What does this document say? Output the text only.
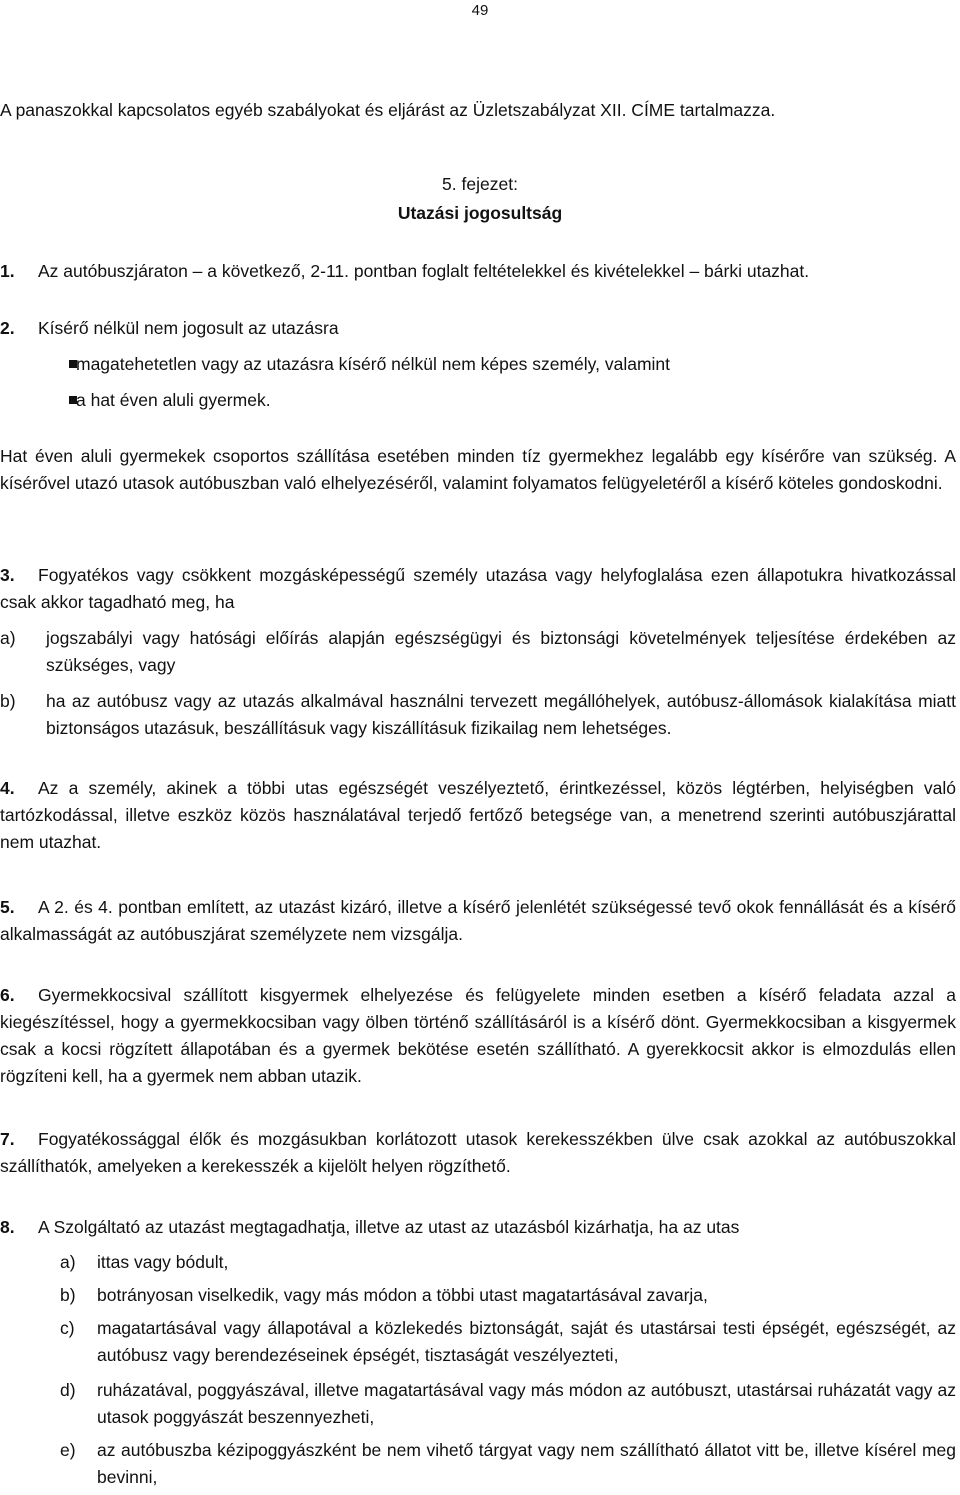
49

A panaszokkal kapcsolatos egyéb szabályokat és eljárást az Üzletszabályzat XII. CÍME tartalmazza.

5. fejezet:
Utazási jogosultság
1. Az autóbuszjáraton – a következő, 2-11. pontban foglalt feltételekkel és kivételekkel – bárki utazhat.
2. Kísérő nélkül nem jogosult az utazásra
magatehetetlen vagy az utazásra kísérő nélkül nem képes személy, valamint
a hat éven aluli gyermek.

Hat éven aluli gyermekek csoportos szállítása esetében minden tíz gyermekhez legalább egy kísérőre van szükség. A kísérővel utazó utasok autóbuszban való elhelyezéséről, valamint folyamatos felügyeletéről a kísérő köteles gondoskodni.

Fogyatékos vagy csökkent mozgásképességű személy utazása vagy helyfoglalása ezen állapotukra hivatkozással csak akkor tagadható meg, ha

3.
a) jogszabályi vagy hatósági előírás alapján egészségügyi és biztonsági követelmények teljesítése érdekében az szükséges, vagy
b) ha az autóbusz vagy az utazás alkalmával használni tervezett megállóhelyek, autóbusz-állomások kialakítása miatt biztonságos utazásuk, beszállításuk vagy kiszállításuk fizikailag nem lehetséges.

Az a személy, akinek a többi utas egészségét veszélyeztető, érintkezéssel, közös légtérben, helyiségben való tartózkodással, illetve eszköz közös használatával terjedő fertőző betegsége van, a menetrend szerinti autóbuszjárattal nem utazhat.

4.

A 2. és 4. pontban említett, az utazást kizáró, illetve a kísérő jelenlétét szükségessé tevő okok fennállását és a kísérő alkalmasságát az autóbuszjárat személyzete nem vizsgálja.

5.

Gyermekkocsival szállított kisgyermek elhelyezése és felügyelete minden esetben a kísérő feladata azzal a kiegészítéssel, hogy a gyermekkocsiban vagy ölben történő szállításáról is a kísérő dönt. Gyermekkocsiban a kisgyermek csak a kocsi rögzített állapotában és a gyermek bekötése esetén szállítható. A gyerekkocsit akkor is elmozdulás ellen rögzíteni kell, ha a gyermek nem abban utazik.

6.

Fogyatékossággal élők és mozgásukban korlátozott utasok kerekesszékben ülve csak azokkal az autóbuszokkal szállíthatók, amelyeken a kerekesszék a kijelölt helyen rögzíthető.

7.
8. A Szolgáltató az utazást megtagadhatja, illetve az utast az utazásból kizárhatja, ha az utas
a) ittas vagy bódult,
b) botrányosan viselkedik, vagy más módon a többi utast magatartásával zavarja,
c) magatartásával vagy állapotával a közlekedés biztonságát, saját és utastársai testi épségét, egészségét, az autóbusz vagy berendezéseinek épségét, tisztaságát veszélyezteti,
d) ruházatával, poggyászával, illetve magatartásával vagy más módon az autóbuszt, utastársai ruházatát vagy az utasok poggyászát beszennyezheti,
e) az autóbuszba kézipoggyászként be nem vihető tárgyat vagy nem szállítható állatot vitt be, illetve kísérel meg bevinni,
